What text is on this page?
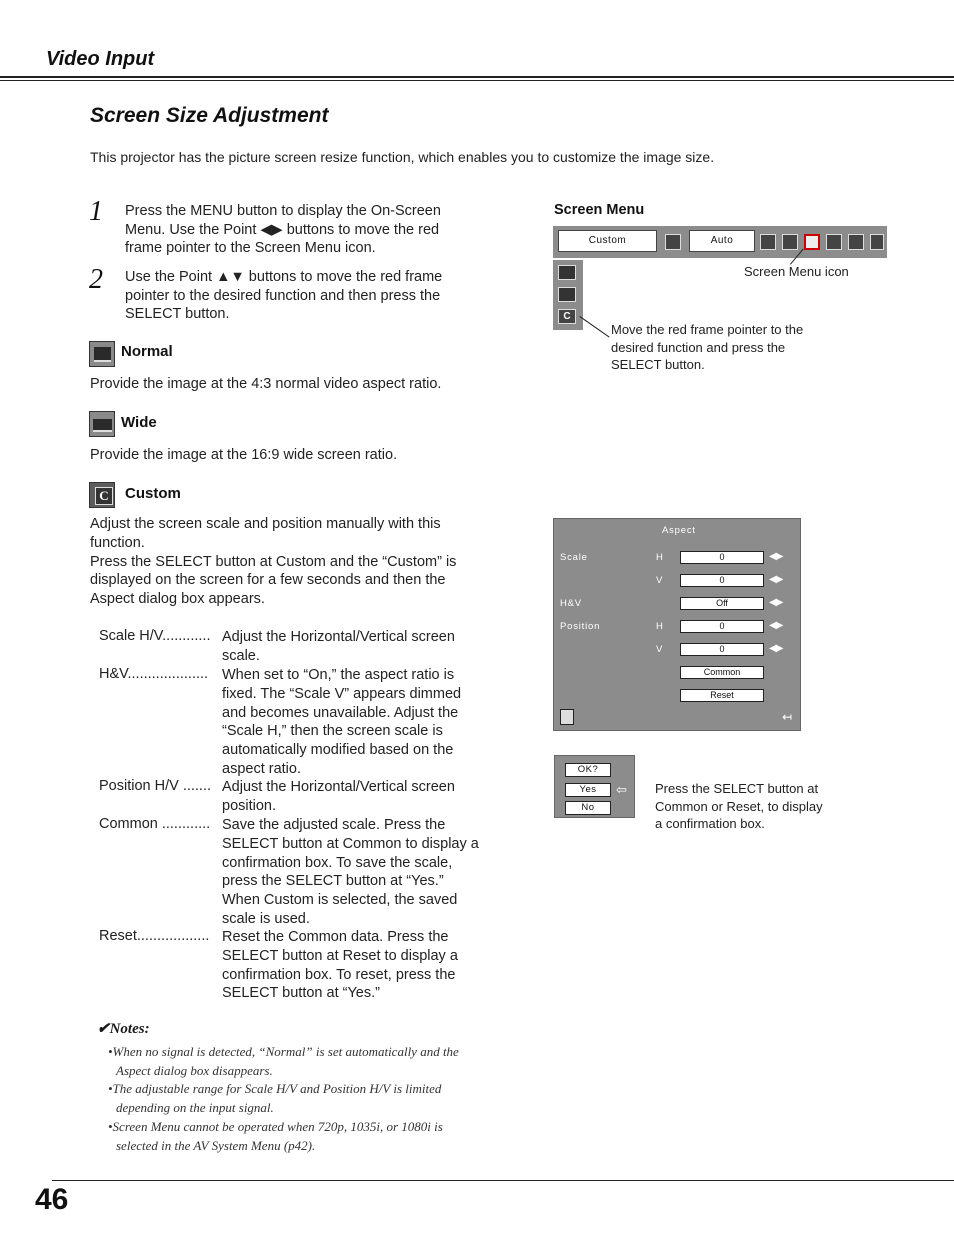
Video Input
Screen Size Adjustment
This projector has the picture screen resize function, which enables you to customize the image size.
1 Press the MENU button to display the On-Screen
Menu. Use the Point ◀▶ buttons to move the red
frame pointer to the Screen Menu icon.
2 Use the Point ▲▼ buttons to move the red frame
pointer to the desired function and then press the
SELECT button.
Normal
Provide the image at the 4:3 normal video aspect ratio.
Wide
Provide the image at the 16:9 wide screen ratio.
C Custom
Adjust the screen scale and position manually with this
function.
Press the SELECT button at Custom and the “Custom” is
displayed on the screen for a few seconds and then the
Aspect dialog box appears.
Scale H/V............ Adjust the Horizontal/Vertical screen
scale.
H&V.................... When set to “On,” the aspect ratio is
fixed. The “Scale V” appears dimmed
and becomes unavailable. Adjust the
“Scale H,” then the screen scale is
automatically modified based on the
aspect ratio.
Position H/V ....... Adjust the Horizontal/Vertical screen
position.
Common ............ Save the adjusted scale. Press the
SELECT button at Common to display a
confirmation box. To save the scale,
press the SELECT button at “Yes.”
When Custom is selected, the saved
scale is used.
Reset.................. Reset the Common data. Press the
SELECT button at Reset to display a
confirmation box. To reset, press the
SELECT button at “Yes.”
✔Notes:
•When no signal is detected, “Normal” is set automatically and the
Aspect dialog box disappears.
•The adjustable range for Scale H/V and Position H/V is limited
depending on the input signal.
•Screen Menu cannot be operated when 720p, 1035i, or 1080i is
selected in the AV System Menu (p42).
Screen Menu
Custom	Auto
Screen Menu icon
C
Move the red frame pointer to the
desired function and press the
SELECT button.
Aspect
Scale	H	0	◀▶
V	0	◀▶
H&V	Off	◀▶
Position	H	0	◀▶
V	0	◀▶
Common
Reset
↤
OK?
Yes
No
⇦ Press the SELECT button at
Common or Reset, to display
a confirmation box.
46
